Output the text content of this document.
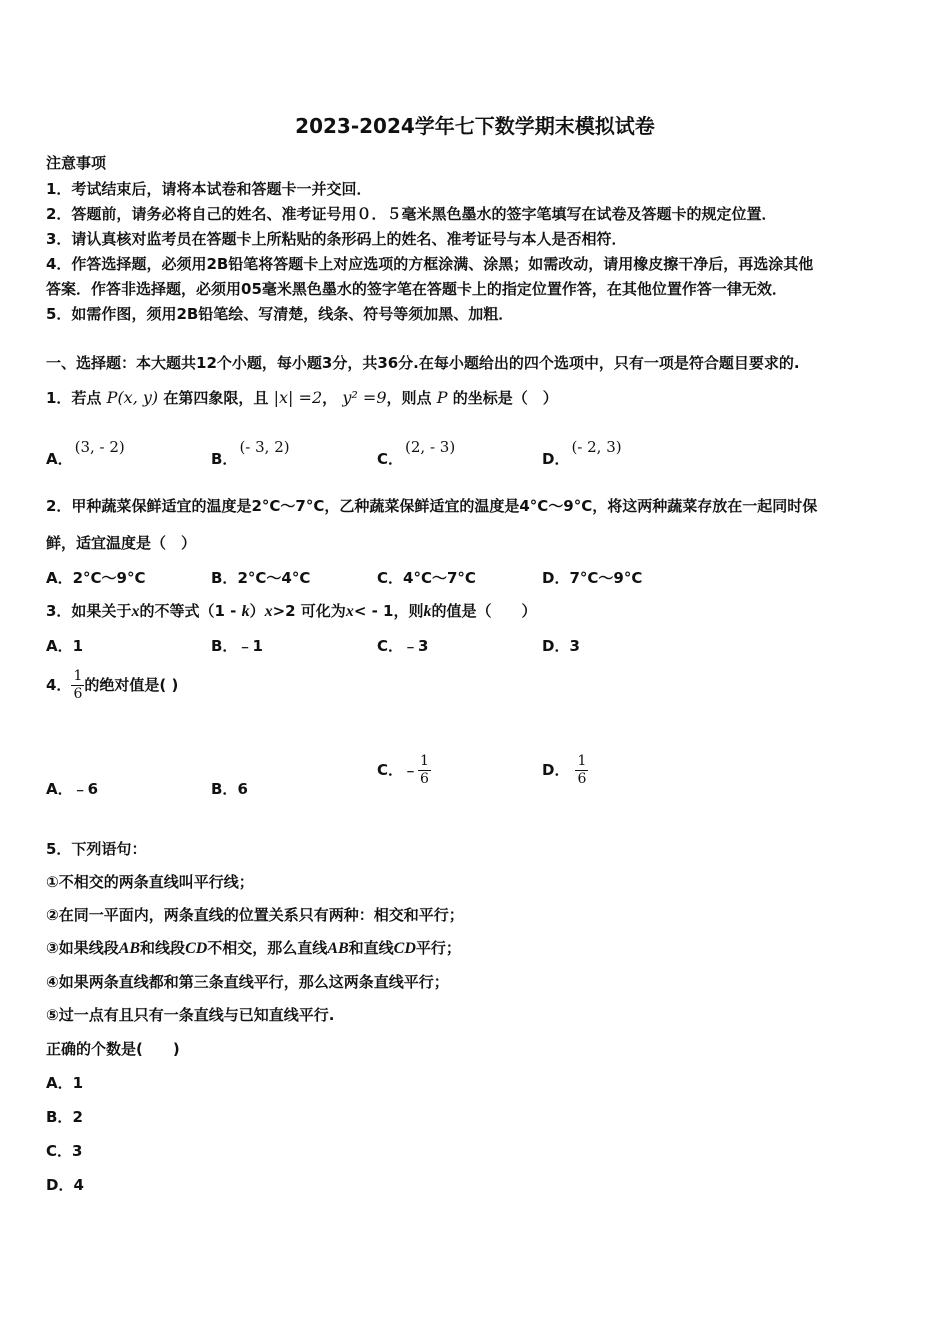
2023-2024学年七下数学期末模拟试卷
注意事项
1．考试结束后，请将本试卷和答题卡一并交回．
2．答题前，请务必将自己的姓名、准考证号用０．５毫米黑色墨水的签字笔填写在试卷及答题卡的规定位置．
3．请认真核对监考员在答题卡上所粘贴的条形码上的姓名、准考证号与本人是否相符．
4．作答选择题，必须用2B铅笔将答题卡上对应选项的方框涂满、涂黑；如需改动，请用橡皮擦干净后，再选涂其他
答案．作答非选择题，必须用05毫米黑色墨水的签字笔在答题卡上的指定位置作答，在其他位置作答一律无效．
5．如需作图，须用2B铅笔绘、写清楚，线条、符号等须加黑、加粗．
一、选择题：本大题共12个小题，每小题3分，共36分.在每小题给出的四个选项中，只有一项是符合题目要求的.
1．若点 P(x, y) 在第四象限，且 |x| =2， y² =9，则点 P 的坐标是（　）
A．(3, - 2)
B．(- 3, 2)
C．(2, - 3)
D．(- 2, 3)
2．甲种蔬菜保鲜适宜的温度是2°C～7°C，乙种蔬菜保鲜适宜的温度是4°C～9°C，将这两种蔬菜存放在一起同时保
鲜，适宜温度是（　）
A．2°C～9°C	B．2°C～4°C	C．4°C～7°C	D．7°C～9°C
3．如果关于x的不等式（1 - k）x>2 可化为x< - 1，则k的值是（　　）
A．1	B．﹣1	C．﹣3	D．3
4． $\frac{1}{6}$ 的绝对值是( )
A．﹣6	B．6
C．﹣ $\frac{1}{6}$	D． $\frac{1}{6}$
5．下列语句：
①不相交的两条直线叫平行线；
②在同一平面内，两条直线的位置关系只有两种：相交和平行；
③如果线段AB和线段CD不相交，那么直线AB和直线CD平行；
④如果两条直线都和第三条直线平行，那么这两条直线平行；
⑤过一点有且只有一条直线与已知直线平行.
正确的个数是(　　)
A．1
B．2
C．3
D．4
